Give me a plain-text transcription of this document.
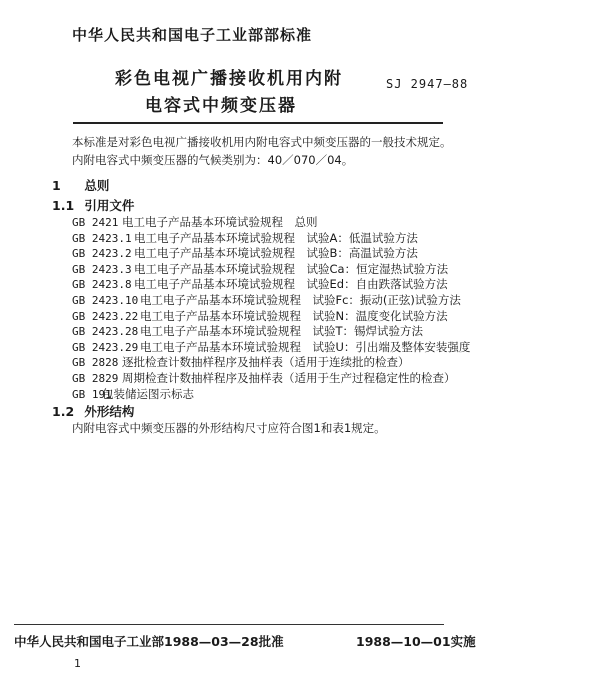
中华人民共和国电子工业部部标准
彩色电视广播接收机用内附
电容式中频变压器
SJ 2947—88
本标准是对彩色电视广播接收机用内附电容式中频变压器的一般技术规定。
内附电容式中频变压器的气候类别为：40／070／04。
1 总则
1.1 引用文件
GB 2421 电工电子产品基本环境试验规程　总则
GB 2423.1 电工电子产品基本环境试验规程　试验A：低温试验方法
GB 2423.2 电工电子产品基本环境试验规程　试验B：高温试验方法
GB 2423.3 电工电子产品基本环境试验规程　试验Ca：恒定湿热试验方法
GB 2423.8 电工电子产品基本环境试验规程　试验Ed：自由跌落试验方法
GB 2423.10 电工电子产品基本环境试验规程　试验Fc：振动(正弦)试验方法
GB 2423.22 电工电子产品基本环境试验规程　试验N：温度变化试验方法
GB 2423.28 电工电子产品基本环境试验规程　试验T：锡焊试验方法
GB 2423.29 电工电子产品基本环境试验规程　试验U：引出端及整体安装强度
GB 2828 逐批检查计数抽样程序及抽样表（适用于连续批的检查）
GB 2829 周期检查计数抽样程序及抽样表（适用于生产过程稳定性的检查）
GB 191包装储运图示标志
1.2 外形结构
内附电容式中频变压器的外形结构尺寸应符合图1和表1规定。
中华人民共和国电子工业部1988—03—28批准	1988—10—01实施
1
